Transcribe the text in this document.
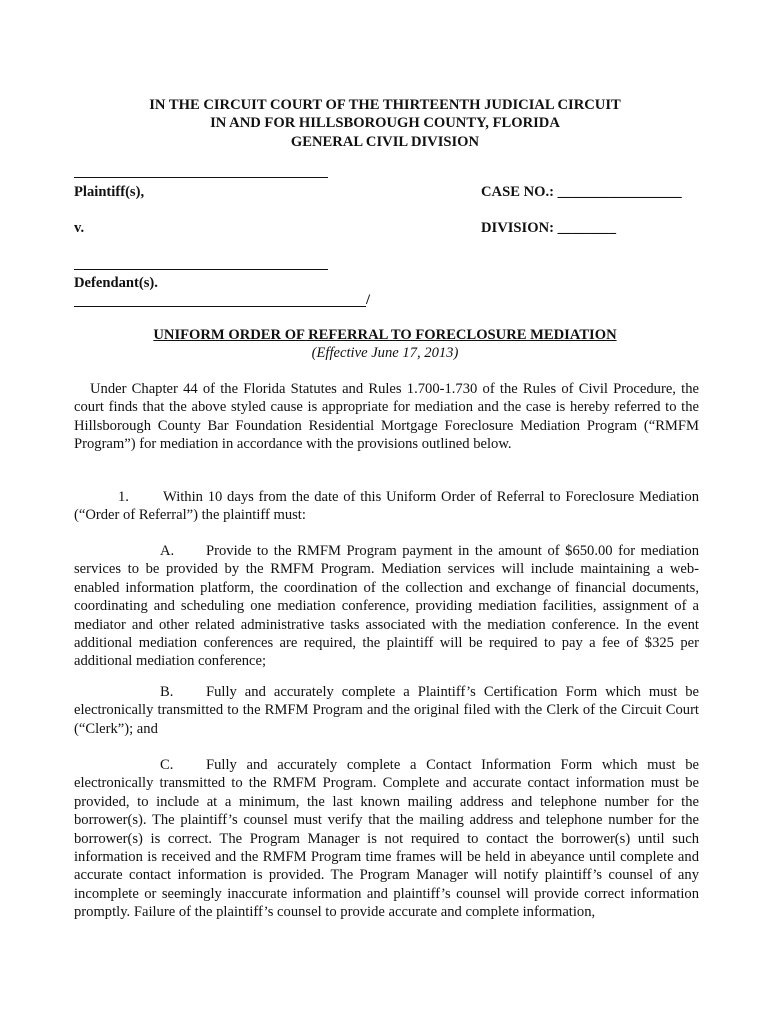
IN THE CIRCUIT COURT OF THE THIRTEENTH JUDICIAL CIRCUIT
IN AND FOR HILLSBOROUGH COUNTY, FLORIDA
GENERAL CIVIL DIVISION
Plaintiff(s),	CASE NO.: _________________
v.	DIVISION: ________
Defendant(s).
/
UNIFORM ORDER OF REFERRAL TO FORECLOSURE MEDIATION
(Effective June 17, 2013)

Under Chapter 44 of the Florida Statutes and Rules 1.700-1.730 of the Rules of Civil Procedure, the court finds that the above styled cause is appropriate for mediation and the case is hereby referred to the Hillsborough County Bar Foundation Residential Mortgage Foreclosure Mediation Program (“RMFM Program”) for mediation in accordance with the provisions outlined below.

1. Within 10 days from the date of this Uniform Order of Referral to Foreclosure Mediation (“Order of Referral”) the plaintiff must:

A. Provide to the RMFM Program payment in the amount of $650.00 for mediation services to be provided by the RMFM Program. Mediation services will include maintaining a web-enabled information platform, the coordination of the collection and exchange of financial documents, coordinating and scheduling one mediation conference, providing mediation facilities, assignment of a mediator and other related administrative tasks associated with the mediation conference. In the event additional mediation conferences are required, the plaintiff will be required to pay a fee of $325 per additional mediation conference;

B. Fully and accurately complete a Plaintiff’s Certification Form which must be electronically transmitted to the RMFM Program and the original filed with the Clerk of the Circuit Court (“Clerk”); and

C. Fully and accurately complete a Contact Information Form which must be electronically transmitted to the RMFM Program. Complete and accurate contact information must be provided, to include at a minimum, the last known mailing address and telephone number for the borrower(s). The plaintiff’s counsel must verify that the mailing address and telephone number for the borrower(s) is correct. The Program Manager is not required to contact the borrower(s) until such information is received and the RMFM Program time frames will be held in abeyance until complete and accurate contact information is provided. The Program Manager will notify plaintiff’s counsel of any incomplete or seemingly inaccurate information and plaintiff’s counsel will provide correct information promptly. Failure of the plaintiff’s counsel to provide accurate and complete information,
